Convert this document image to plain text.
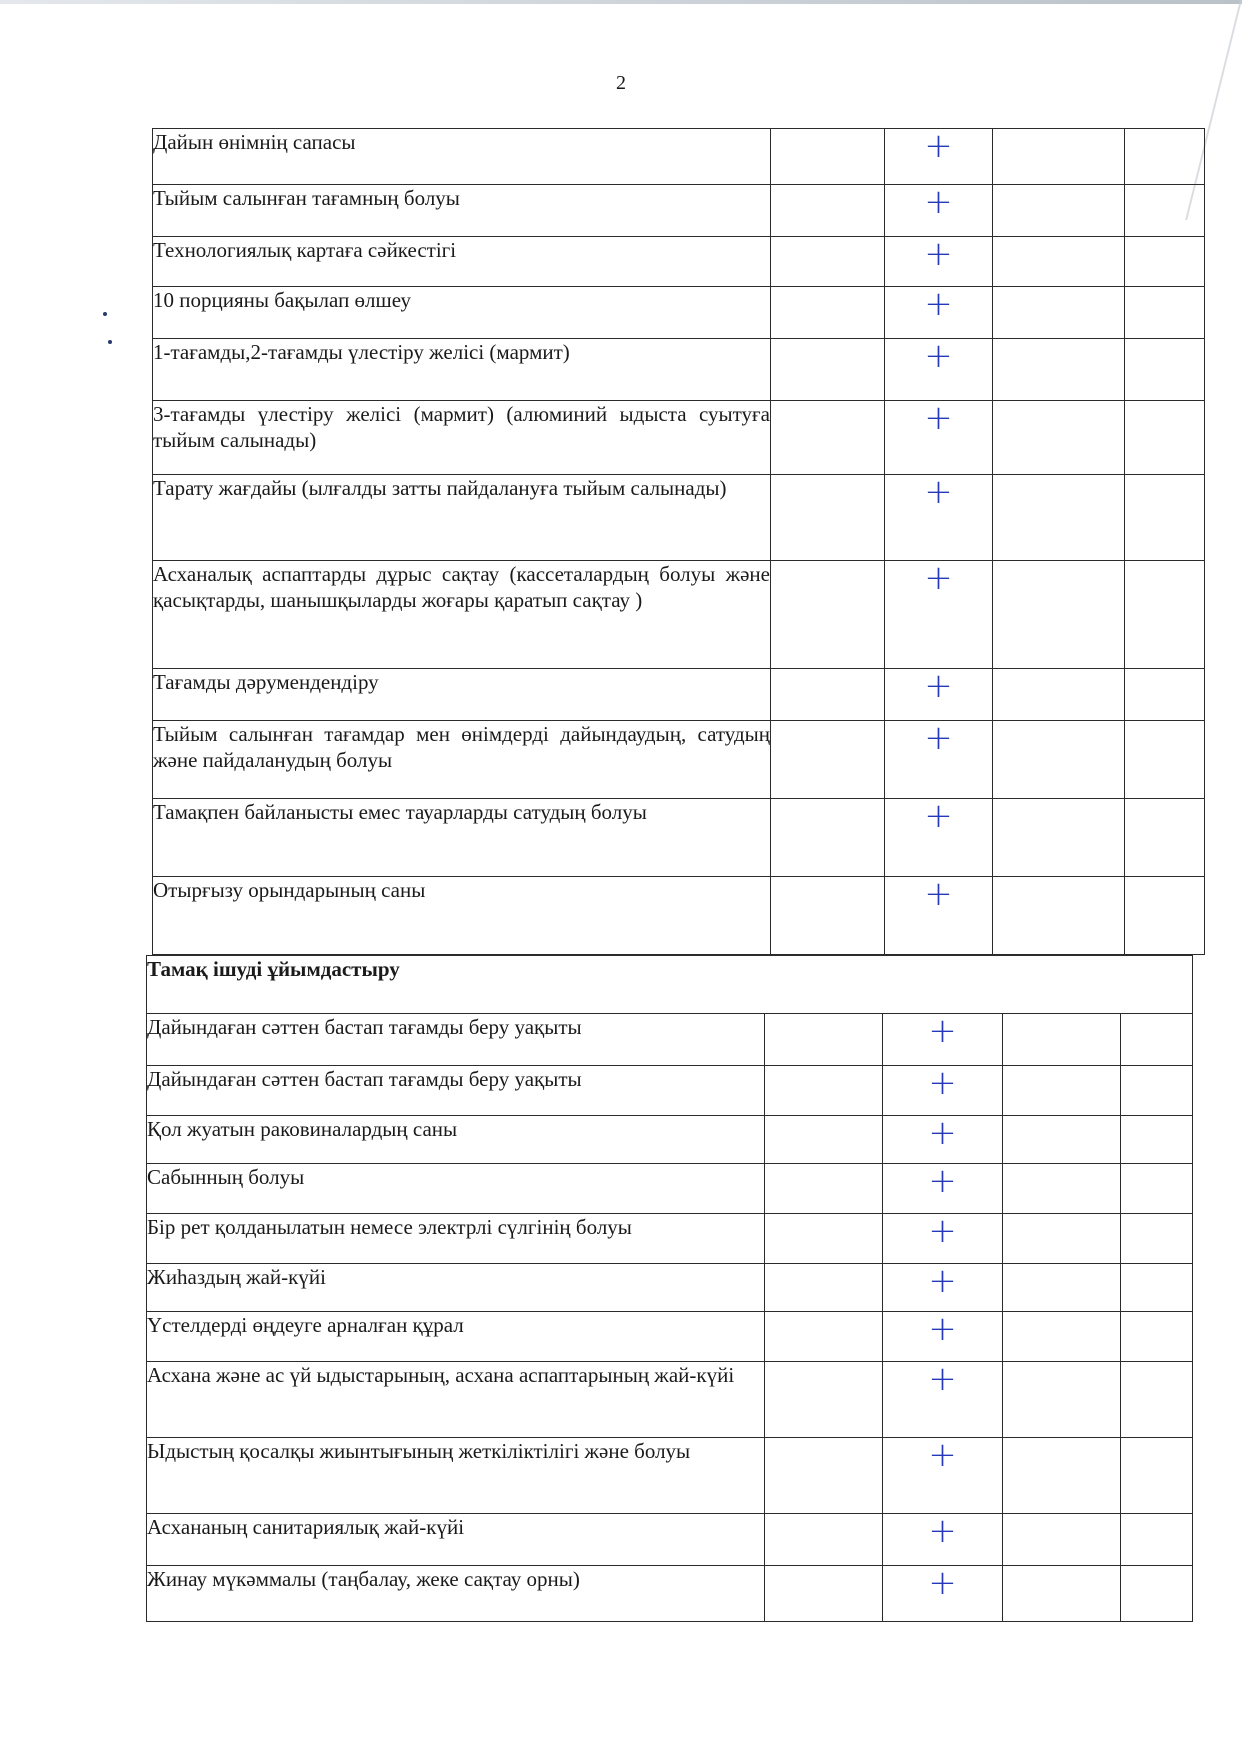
2
Дайын өнімнің сапасы		+		
Тыйым салынған тағамның болуы		+		
Технологиялық картаға сәйкестігі		+		
10 порцияны бақылап өлшеу		+		
1-тағамды,2-тағамды үлестіру желісі (мармит)		+		
3-тағамды үлестіру желісі (мармит) (алюминий ыдыста суытуға тыйым салынады)		+		
Тарату жағдайы (ылғалды затты пайдалануға тыйым салынады)		+		
Асханалық аспаптарды дұрыс сақтау (кассеталардың болуы және қасықтарды, шанышқыларды жоғары қаратып сақтау )		+		
Тағамды дәрумендендіру		+		
Тыйым салынған тағамдар мен өнімдерді дайындаудың, сатудың және пайдаланудың болуы		+		
Тамақпен байланысты емес тауарларды сатудың болуы		+		
Отырғызу орындарының саны		+		
Тамақ ішуді ұйымдастыру				
Дайындаған сәттен бастап тағамды беру уақыты		+		
Дайындаған сәттен бастап тағамды беру уақыты		+		
Қол жуатын раковиналардың саны		+		
Сабынның болуы		+		
Бір рет қолданылатын немесе электрлі сүлгінің болуы		+		
Жиһаздың жай-күйі		+		
Үстелдерді өңдеуге арналған құрал		+		
Асхана және ас үй ыдыстарының, асхана аспаптарының жай-күйі		+		
Ыдыстың қосалқы жиынтығының жеткіліктілігі және болуы		+		
Асхананың санитариялық жай-күйі		+		
Жинау мүкәммалы (таңбалау, жеке сақтау орны)		+		
